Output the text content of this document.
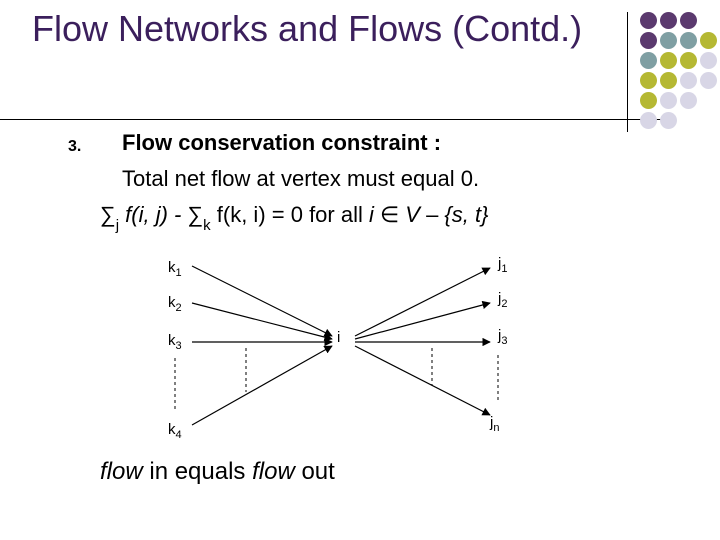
Flow Networks and Flows (Contd.)
3. Flow conservation constraint :
Total net flow at vertex must equal 0.
$\sum_j$ f(i, $j) - \sum_k$ f(k, i) = 0 for all i ∈ V – {s, t}
$k_1$
$k_2$
$k_3$
$k_4$
$j_1$
$j_2$
$j_3$
$j_n$
i
flow in equals flow out
